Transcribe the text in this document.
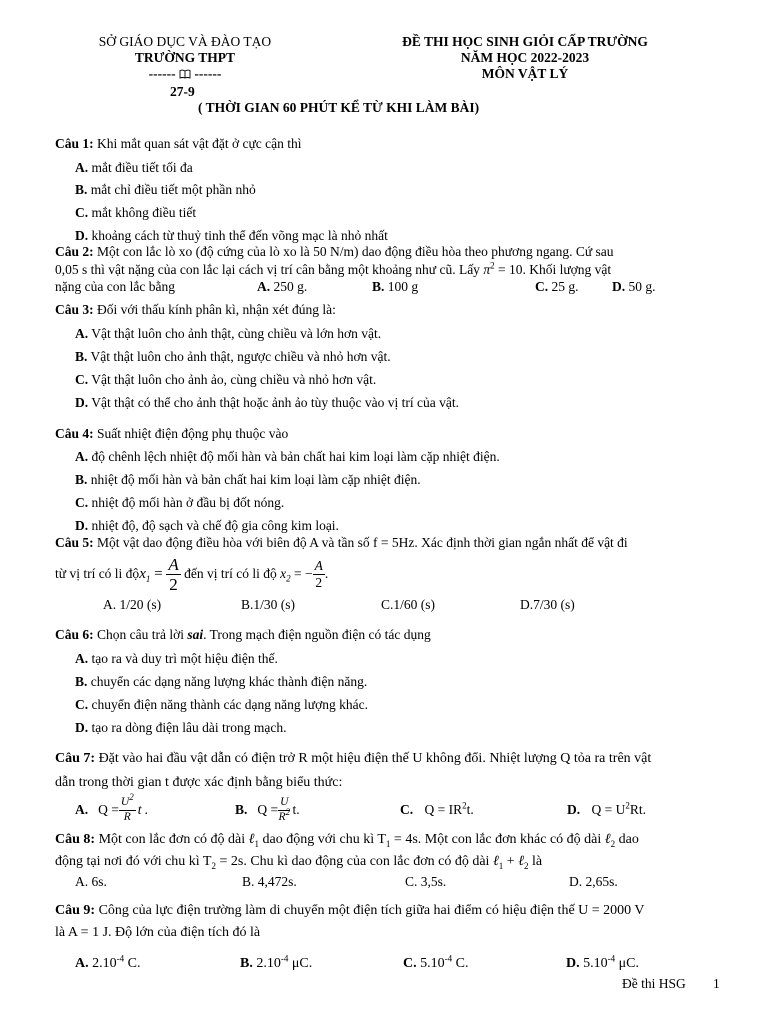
SỞ GIÁO DỤC VÀ ĐÀO TẠO
TRƯỜNG THPT
------ ------
27-9
ĐỀ THI HỌC SINH GIỎI CẤP TRƯỜNG
NĂM HỌC 2022-2023
MÔN VẬT LÝ
( THỜI GIAN 60 PHÚT KỂ TỪ KHI LÀM BÀI)
Câu 1: Khi mắt quan sát vật đặt ở cực cận thì
A. mắt điều tiết tối đa
B. mắt chỉ điều tiết một phần nhỏ
C. mắt không điều tiết
D. khoảng cách từ thuỷ tinh thể đến võng mạc là nhỏ nhất
Câu 2: Một con lắc lò xo (độ cứng của lò xo là 50 N/m) dao động điều hòa theo phương ngang. Cứ sau
0,05 s thì vật nặng của con lắc lại cách vị trí cân bằng một khoảng như cũ. Lấy $\pi^2 = 10$. Khối lượng vật
nặng của con lắc bằng	A. 250 g.	B. 100 g	C. 25 g. D. 50 g.
Câu 3: Đối với thấu kính phân kì, nhận xét đúng là:
A. Vật thật luôn cho ảnh thật, cùng chiều và lớn hơn vật.
B. Vật thật luôn cho ảnh thật, ngược chiều và nhỏ hơn vật.
C. Vật thật luôn cho ảnh ảo, cùng chiều và nhỏ hơn vật.
D. Vật thật có thể cho ảnh thật hoặc ảnh ảo tùy thuộc vào vị trí của vật.
Câu 4: Suất nhiệt điện động phụ thuộc vào
A. độ chênh lệch nhiệt độ mối hàn và bản chất hai kim loại làm cặp nhiệt điện.
B. nhiệt độ mối hàn và bản chất hai kim loại làm cặp nhiệt điện.
C. nhiệt độ mối hàn ở đầu bị đốt nóng.
D. nhiệt độ, độ sạch và chế độ gia công kim loại.
Câu 5: Một vật dao động điều hòa với biên độ A và tần số f = 5Hz. Xác định thời gian ngắn nhất để vật đi
từ vị trí có li độ $x_1 = \frac{A}{2}$ đến vị trí có li độ $x_2$ = − $\frac{A}{2}$ .
A. 1/20 (s)	B.1/30 (s)	C.1/60 (s)	D.7/30 (s)
Câu 6: Chọn câu trả lời sai. Trong mạch điện nguồn điện có tác dụng
A. tạo ra và duy trì một hiệu điện thế.
B. chuyển các dạng năng lượng khác thành điện năng.
C. chuyển điện năng thành các dạng năng lượng khác.
D. tạo ra dòng điện lâu dài trong mạch.
Câu 7: Đặt vào hai đầu vật dẫn có điện trở R một hiệu điện thế U không đổi. Nhiệt lượng Q tỏa ra trên vật
dẫn trong thời gian t được xác định bằng biểu thức:
A. $Q = \frac{U^2}{R}$ t .	B. $Q = \frac{U}{R^2} t$.	C. $Q = IR^2t$.	D. $Q = U^2Rt$.
Câu 8: Một con lắc đơn có độ dài ℓ$_1$ dao động với chu kì $T_1 = 4s$. Một con lắc đơn khác có độ dài ℓ$_2$ dao
động tại nơi đó với chu kì $T_2 = 2s$. Chu kì dao động của con lắc đơn có độ dài ℓ$_1$ + ℓ$_2$ là
A. 6s.	B. 4,472s.	C. 3,5s.	D. 2,65s.
Câu 9: Công của lực điện trường làm di chuyển một điện tích giữa hai điểm có hiệu điện thế U = 2000 V
là A = 1 J. Độ lớn của điện tích đó là
A. $2.10^{-4}$ C.	B. $2.10^{-4}$ μC.	C. $5.10^{-4}$ C.	D. $5.10^{-4}$ μC.
Đề thi HSG 1
